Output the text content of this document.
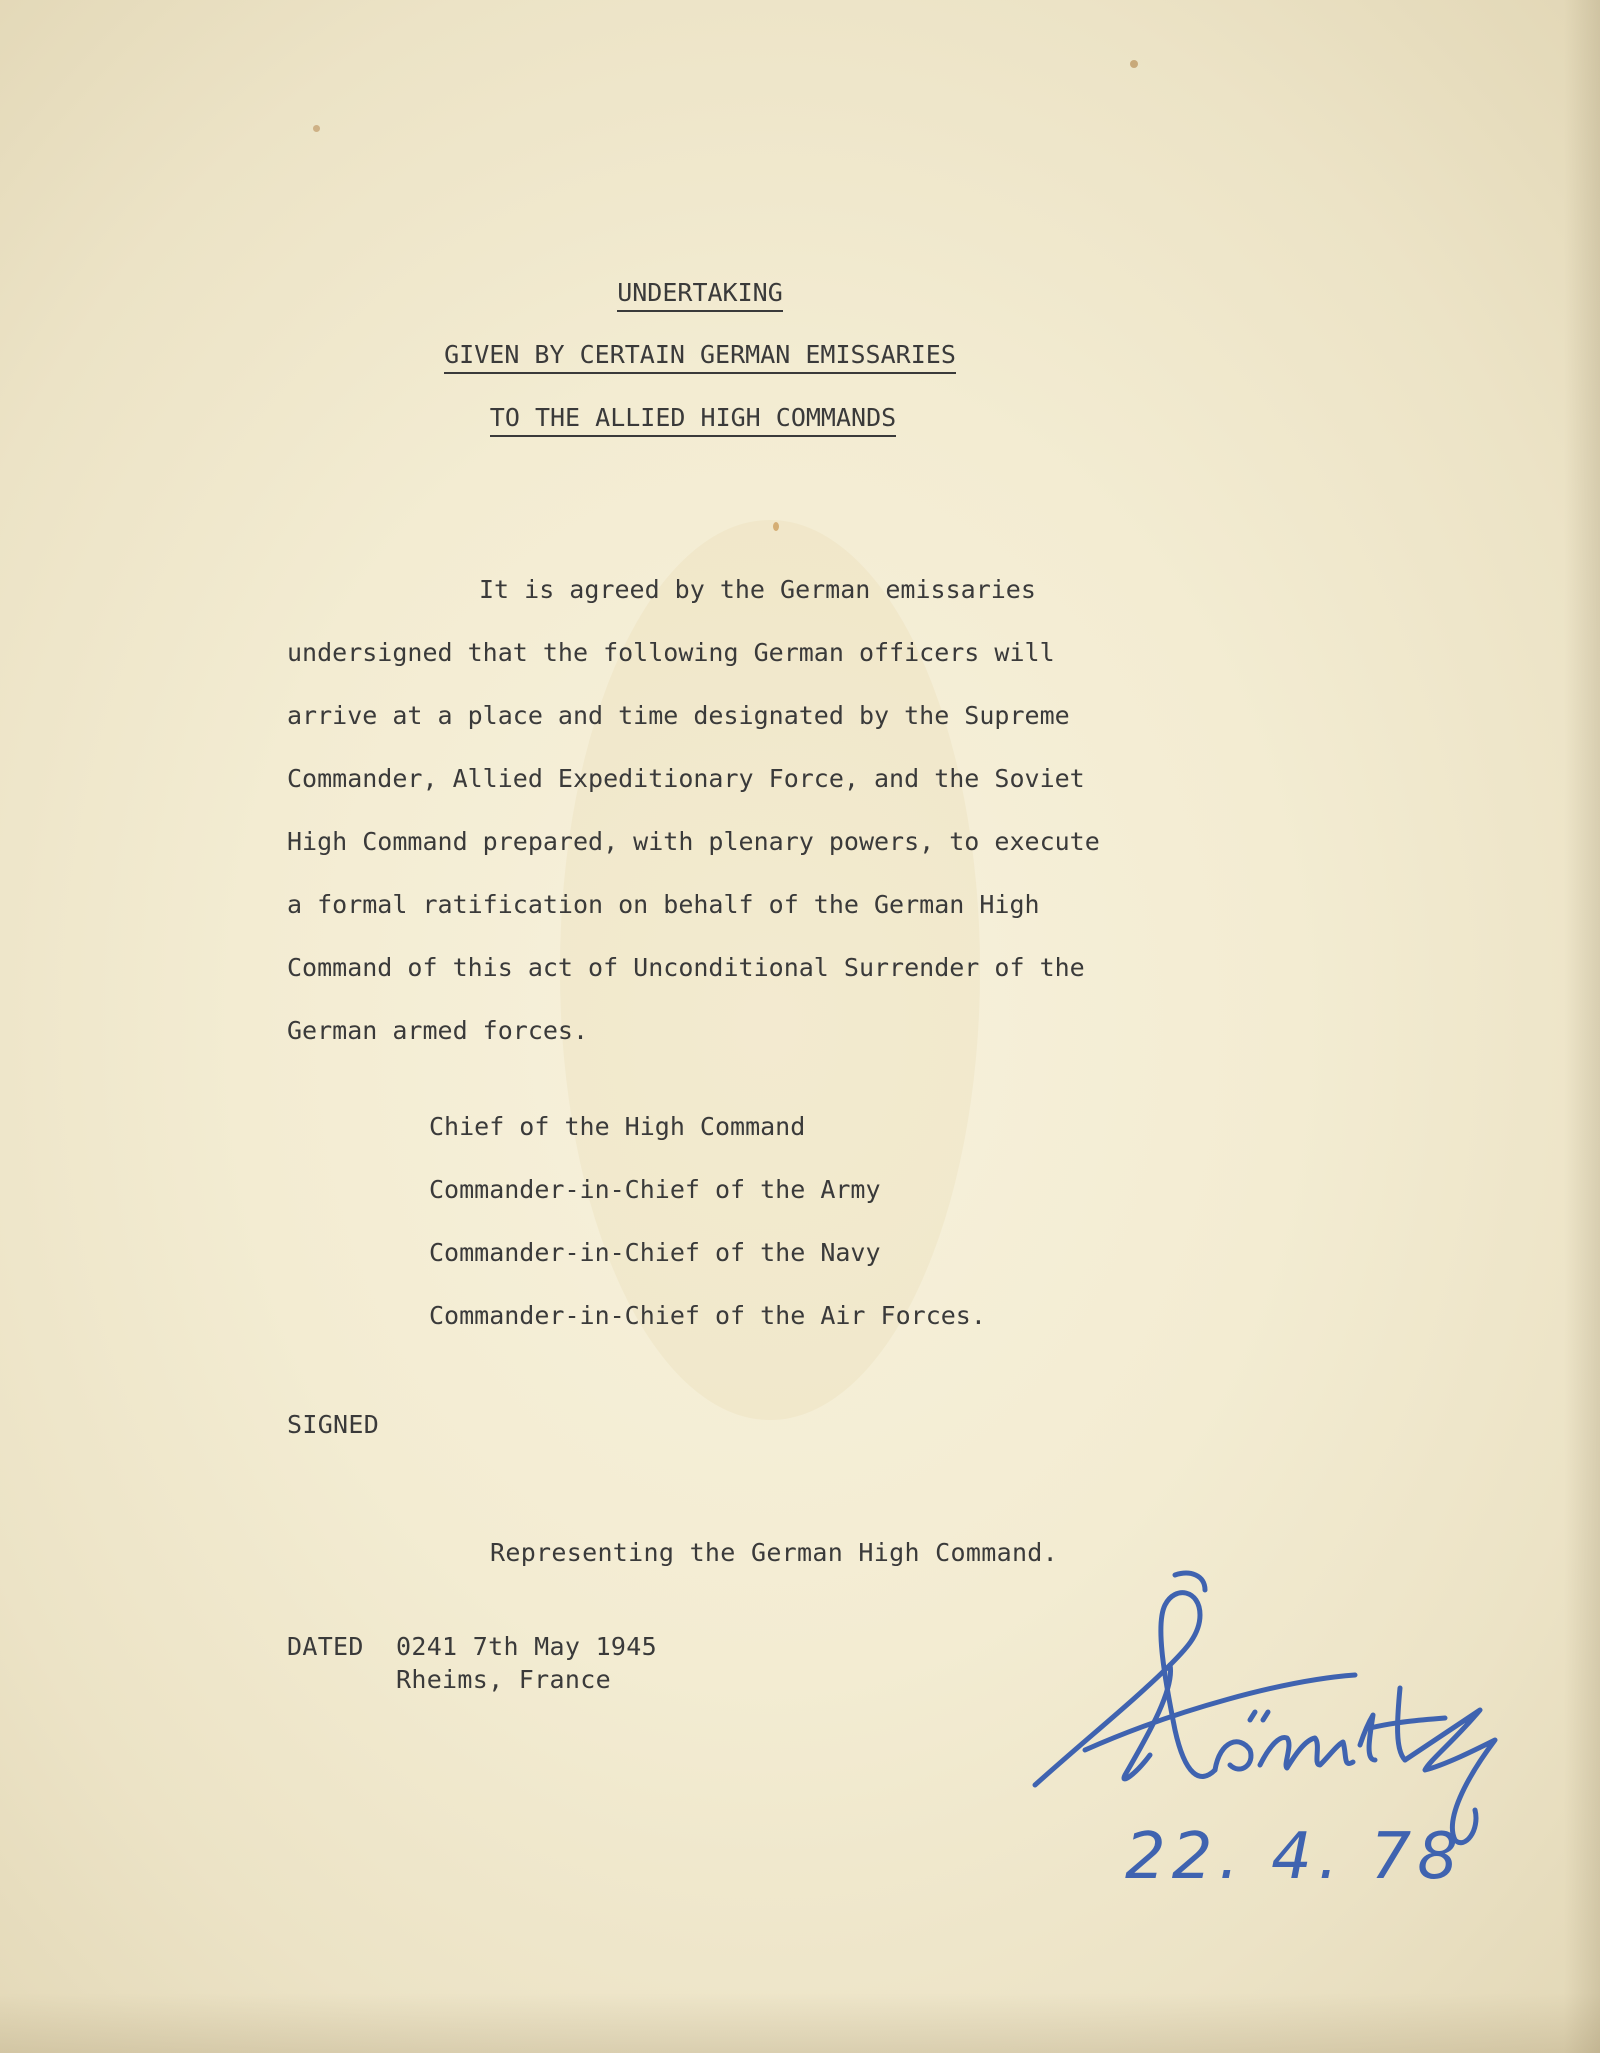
UNDERTAKING
GIVEN BY CERTAIN GERMAN EMISSARIES
TO THE ALLIED HIGH COMMANDS
It is agreed by the German emissaries
undersigned that the following German officers will
arrive at a place and time designated by the Supreme
Commander, Allied Expeditionary Force, and the Soviet
High Command prepared, with plenary powers, to execute
a formal ratification on behalf of the German High
Command of this act of Unconditional Surrender of the
German armed forces.
Chief of the High Command
Commander-in-Chief of the Army
Commander-in-Chief of the Navy
Commander-in-Chief of the Air Forces.
SIGNED
Representing the German High Command.
DATED 0241 7th May 1945
Rheims, France
22. 4. 78
